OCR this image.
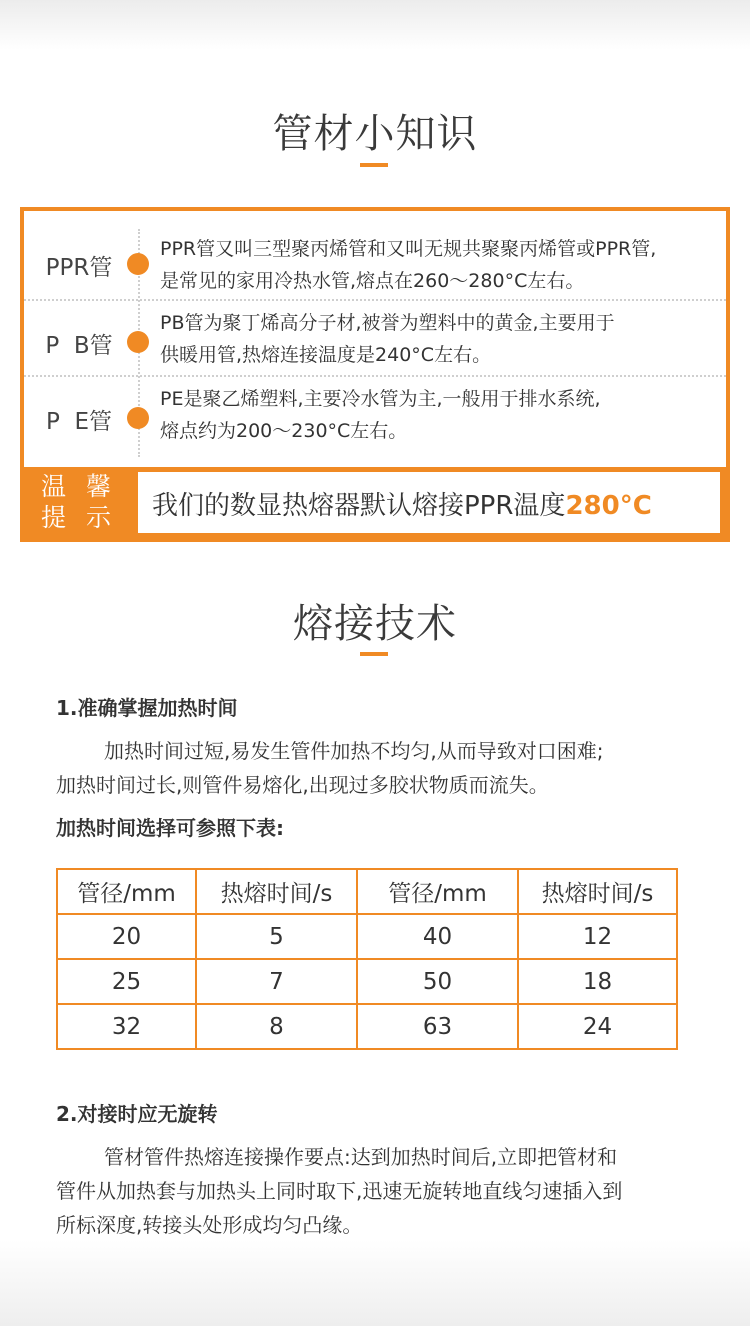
管材小知识
PPR管
PPR管又叫三型聚丙烯管和又叫无规共聚聚丙烯管或PPR管,
是常见的家用冷热水管,熔点在260～280°C左右。
P  B管
PB管为聚丁烯高分子材,被誉为塑料中的黄金,主要用于
供暖用管,热熔连接温度是240°C左右。
P  E管
PE是聚乙烯塑料,主要冷水管为主,一般用于排水系统,
熔点约为200～230°C左右。
温 馨
提 示	我们的数显热熔器默认熔接PPR温度280°C
熔接技术
1.准确掌握加热时间
加热时间过短,易发生管件加热不均匀,从而导致对口困难;
加热时间过长,则管件易熔化,出现过多胶状物质而流失。
加热时间选择可参照下表:
管径/mm	热熔时间/s	管径/mm	热熔时间/s
20	5	40	12
25	7	50	18
32	8	63	24
2.对接时应无旋转
管材管件热熔连接操作要点:达到加热时间后,立即把管材和
管件从加热套与加热头上同时取下,迅速无旋转地直线匀速插入到
所标深度,转接头处形成均匀凸缘。
